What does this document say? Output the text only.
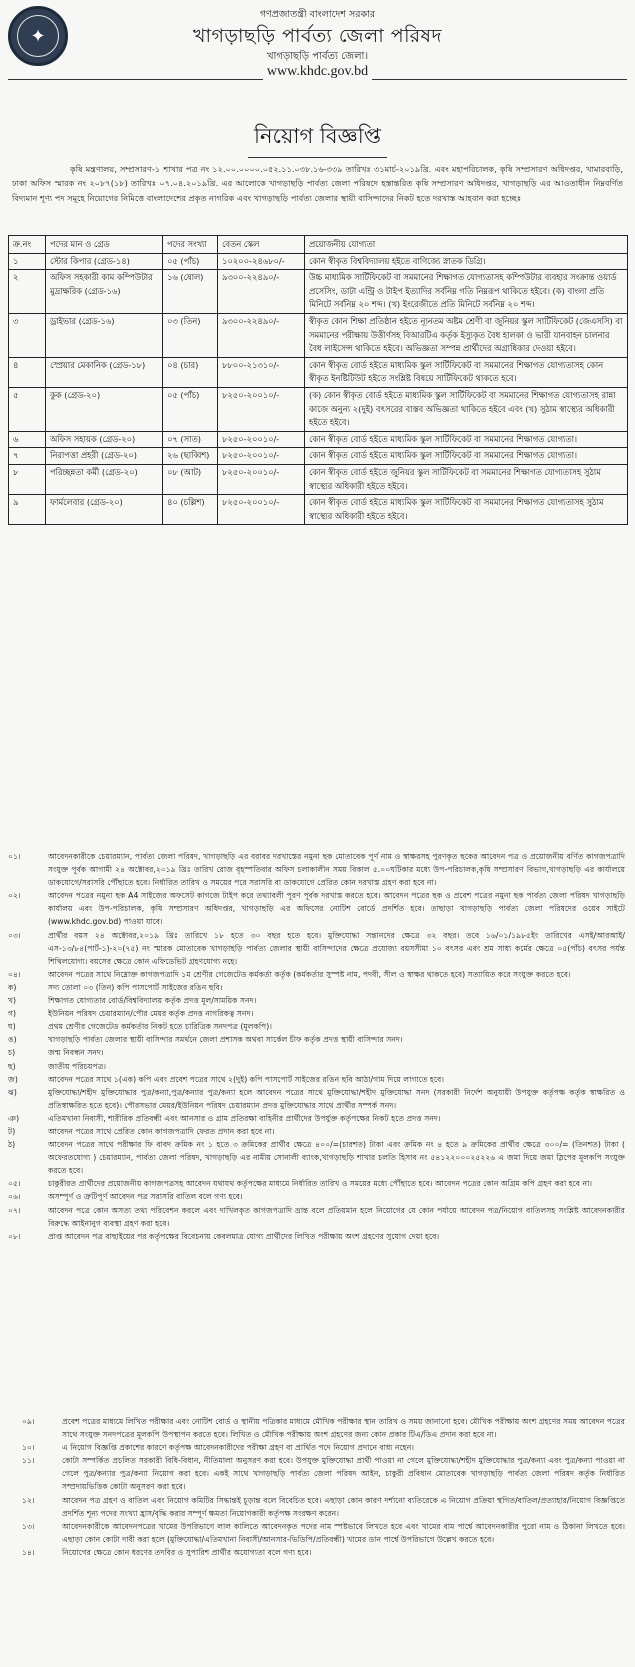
✦
গণপ্রজাতন্ত্রী বাংলাদেশ সরকার
খাগড়াছড়ি পার্বত্য জেলা পরিষদ
খাগড়াছড়ি পার্বত্য জেলা।
www.khdc.gov.bd
নিয়োগ বিজ্ঞপ্তি
কৃষি মন্ত্রণালয়, সম্প্রসারণ-১ শাখার পত্র নং ১২.০০.০০০০.০৫২.১১.০৩৮.১৬-৩৩৯ তারিখঃ ৩১মার্চ-২০১৯খ্রি. এবং মহাপরিচালক, কৃষি সম্প্রসারণ অধিদপ্তর, খামারবাড়ি, ঢাকা অফিস স্মারক নং ২০৮৭(১৮) তারিখঃ ০৭.০৪.২০১৯খ্রি. এর আলোকে খাগড়াছড়ি পার্বত্য জেলা পরিষদে হস্তান্তরিত কৃষি সম্প্রসারণ অধিদপ্তর, খাগড়াছড়ি এর আওতাধীন নিম্নবর্ণিত বিদ্যমান শূণ্য পদ সমূহে নিয়োগের নিমিত্তে বাংলাদেশের প্রকৃত নাগরিক এবং খাগড়াছড়ি পার্বত্য জেলার স্থায়ী বাসিন্দাদের নিকট হতে দরখাস্ত আহবান করা হচ্ছেঃ
ক্র.নং	পদের মান ও গ্রেড	পদের সংখ্যা	বেতন স্কেল	প্রয়োজনীয় যোগ্যতা
১	স্টোর কিপার (গ্রেড-১৪)	০৫ (পাঁচ)	১০২০০-২৪৬৮০/-	কোন স্বীকৃত বিশ্ববিদ্যালয় হইতে বাণিজ্যে স্নাতক ডিগ্রি।
২	অফিস সহকারী কাম কম্পিউটার মুদ্রাক্ষরিক (গ্রেড-১৬)	১৬ (ষোল)	৯৩০০-২২৪৯০/-	উচ্চ মাধ্যমিক সার্টিফিকেট বা সমমানের শিক্ষাগত যোগ্যতাসহ কম্পিউটার ব্যবহার সংক্রান্ত ওয়ার্ড প্রসেসিং, ডাটা এন্ট্রি ও টাইপ ইত্যাদির সর্বনিম্ন গতি নিম্নরূপ থাকিতে হইবে। (ক) বাংলা প্রতি মিনিটে সর্বনিম্ন ২০ শব্দ। (খ) ইংরেজীতে প্রতি মিনিটে সর্বনিম্ন ২০ শব্দ।
৩	ড্রাইভার (গ্রেড-১৬)	০৩ (তিন)	৯৩০০-২২৪৯০/-	স্বীকৃত কোন শিক্ষা প্রতিষ্ঠান হইতে ন্যূনতম অষ্টম শ্রেণী বা জুনিয়র স্কুল সার্টিফিকেট (জেএসসি) বা সমমানের পরীক্ষায় উত্তীর্ণসহ বিআরটিএ কর্তৃক ইস্যুকৃত বৈধ হালকা ও ভারী যানবাহন চালনার বৈধ লাইসেন্স থাকিতে হইবে। অভিজ্ঞতা সম্পন্ন প্রার্থীদের অগ্রাধিকার দেওয়া হইবে।
৪	স্প্রেয়ার মেকানিক (গ্রেড-১৮)	০৪ (চার)	৮৮০০-২১৩১০/-	কোন স্বীকৃত বোর্ড হইতে মাধ্যমিক স্কুল সার্টিফিকেট বা সমমানের শিক্ষাগত যোগ্যতাসহ কোন স্বীকৃত ইনষ্টিটিউট হইতে সংশ্লিষ্ট বিষয়ে সার্টিফিকেট থাকতে হবে।
৫	কুক (গ্রেড-২০)	০৫ (পাঁচ)	৮২৫০-২০০১০/-	(ক) কোন স্বীকৃত বোর্ড হইতে মাধ্যমিক স্কুল সার্টিফিকেট বা সমমানের শিক্ষাগত যোগ্যতাসহ রান্না কাজে অনুন্য ২(দুই) বৎসরের বাস্তব অভিজ্ঞতা থাকিতে হইবে এবং (খ) সুঠাম স্বাস্থ্যের অধিকারী হইতে হইবে।
৬	অফিস সহায়ক (গ্রেড-২০)	০৭ (সাত)	৮২৫০-২০০১০/-	কোন স্বীকৃত বোর্ড হইতে মাধ্যমিক স্কুল সার্টিফিকেট বা সমমানের শিক্ষাগত যোগ্যতা।
৭	নিরাপত্তা প্রহরী (গ্রেড-২০)	২৬ (ছাব্বিশ)	৮২৫০-২০০১০/-	কোন স্বীকৃত বোর্ড হইতে মাধ্যমিক স্কুল সার্টিফিকেট বা সমমানের শিক্ষাগত যোগ্যতা।
৮	পরিচ্ছন্নতা কর্মী (গ্রেড-২০)	০৮ (আট)	৮২৫০-২০০১০/-	কোন স্বীকৃত বোর্ড হইতে জুনিয়র স্কুল সার্টিফিকেট বা সমমানের শিক্ষাগত যোগ্যতাসহ সুঠাম স্বাস্থ্যের অধিকারী হইতে হইবে।
৯	ফার্মলেবার (গ্রেড-২০)	৪০ (চল্লিশ)	৮২৫০-২০০১০/-	কোন স্বীকৃত বোর্ড হইতে মাধ্যমিক স্কুল সার্টিফিকেট বা সমমানের শিক্ষাগত যোগ্যতাসহ সুঠাম স্বাস্থ্যের অধিকারী হইতে হইবে।
০১।	আবেদনকারীকে চেয়ারম্যান, পার্বত্য জেলা পরিষদ, খাগড়াছড়ি এর বরাবর দরখাস্তের নমুনা ছক মোতাবেক পূর্ণ নাম ও স্বাক্ষরসহ পুরণকৃত ছকের আবেদন পত্র ও প্রয়োজনীয় বর্ণিত কাগজপত্রাদি সংযুক্ত পূর্বক আগামী ২৪ অক্টোবর,২০১৯ খ্রিঃ তারিখ রোজ বৃহস্পতিবার অফিস চলাকালীন সময় বিকাল ৫.০০ঘটিকার মধ্যে উপ-পরিচালক,কৃষি সম্প্রসারণ বিভাগ,খাগড়াছড়ি এর কার্যালয়ে ডাকযোগে/সরাসরি পৌঁছাতে হবে। নির্ধারিত তারিখ ও সময়ের পরে সরাসরি বা ডাকযোগে প্রেরিত কোন দরখাস্ত গ্রহণ করা হবে না।
০২।	আবেদন পত্রের নমুনা ছক A4 সাইজের অফসেট কাগজে টাইপ করে তথ্যাবলী পূরণ পূর্বক দরখাস্ত করতে হবে। আবেদন পত্রের ছক ও প্রবেশ পত্রের নমুনা ছক পার্বত্য জেলা পরিষদ খাগড়াছড়ি কার্যালয় এবং উপ-পরিচালক, কৃষি সম্প্রসারণ অধিদপ্তর, খাগড়াছড়ি এর অফিসের নোটিশ বোর্ডে প্রদর্শিত হবে। তাছাড়া খাগড়াছড়ি পার্বত্য জেলা পরিষদের ওয়েব সাইটে (www.khdc.gov.bd) পাওয়া যাবে।
০৩।	প্রার্থীর বয়স ২৪ অক্টোবর,২০১৯ খ্রিঃ তারিখে ১৮ হতে ৩০ বছর হতে হবে। মুক্তিযোদ্ধা সন্তানদের ক্ষেত্রে ৩২ বছর। তবে ১৬/০১/১৯৮৫ইং তারিখের এসই/আরআই/এস-১৩/৮৪(পার্ট-১)-২০(৭৫) নং স্মারক মোতাবেক খাগড়াছড়ি পার্বত্য জেলার স্থায়ী বাসিন্দাদের ক্ষেত্রে প্রযোজ্য বয়সসীমা ১০ বৎসর এবং শ্রম সাধ্য কর্মের ক্ষেত্রে ০৫(পাঁচ) বৎসর পর্যন্ত শিথিলযোগ্য। বয়সের ক্ষেত্রে কোন এফিডেভিট গ্রহণযোগ্য নহে।
০৪।	আবেদন পত্রের সাথে নিম্নোক্ত কাগজপত্রাদি ১ম শ্রেণীর গেজেটেড কর্মকর্তা কর্তৃক (কর্মকর্তার সুস্পষ্ট নাম, পদবী, সীল ও স্বাক্ষর থাকতে হবে) সত্যায়িত করে সংযুক্ত করতে হবে।
ক)	সদ্য তোলা ০৩ (তিন) কপি পাসপোর্ট সাইজের রঙিন ছবি।
খ)	শিক্ষাগত যোগ্যতার বোর্ড/বিশ্ববিদ্যালয় কর্তৃক প্রদত্ত মূল/সাময়িক সনদ।
গ)	ইউনিয়ন পরিষদ চেয়ারম্যান/পৌর মেয়র কর্তৃক প্রদত্ত নাগরিকত্ব সনদ।
ঘ)	প্রথম শ্রেণীর গেজেটেড কর্মকর্তার নিকট হতে চারিত্রিক সনদপত্র (মূলকপি)।
ঙ)	খাগড়াছড়ি পার্বত্য জেলার স্থায়ী বাসিন্দার সমর্থনে জেলা প্রশাসক অথবা সার্কেল চীফ কর্তৃক প্রদত্ত স্থায়ী বাসিন্দার সনদ।
চ)	জন্ম নিবন্ধন সনদ।
ছ)	জাতীয় পরিচয়পত্র।
জ)	আবেদন পত্রের সাথে ১(এক) কপি এবং প্রবেশ পত্রের সাথে ২(দুই) কপি পাসপোর্ট সাইজের রঙিন ছবি আঠা/গাম দিয়ে লাগাতে হবে।
ঝ)	মুক্তিযোদ্ধা/শহীদ মুক্তিযোদ্ধার পুত্র/কন্যা,পুত্র/কন্যার পুত্র/কন্যা হলে আবেদন পত্রের সাথে মুক্তিযোদ্ধা/শহীদ মুক্তিযোদ্ধা সনদ (সরকারী নির্দেশ অনুযায়ী উপযুক্ত কর্তৃপক্ষ কর্তৃক স্বাক্ষরিত ও প্রতিস্বাক্ষরিত হতে হবে)। পৌরসভার মেয়র/ইউনিয়ন পরিষদ চেয়ারম্যান প্রদত্ত মুক্তিযোদ্ধার সাথে প্রার্থীর সম্পর্ক সনদ।
ঞ)	এতিমখানা নিবাসী, শারীরিক প্রতিবন্ধী এবং আনসার ও গ্রাম প্রতিরক্ষা বাহিনীর প্রার্থীদের উপর্যুক্ত কর্তৃপক্ষের নিকট হতে প্রদত্ত সনদ।
ট)	আবেদন পত্রের সাথে প্রেরিত কোন কাগজপত্রাদি ফেরত প্রদান করা হবে না।
ঠ)	আবেদন পত্রের সাথে পরীক্ষার ফি বাবদ ক্রমিক নং ১ হতে ৩ ক্রমিকের প্রার্থীর ক্ষেত্রে ৪০০/=(চারশত) টাকা এবং ক্রমিক নং ৪ হতে ৯ ক্রমিকের প্রার্থীর ক্ষেত্রে ৩০০/= (তিনশত) টাকা ( অফেরতযোগ্য ) চেয়ারম্যান, পার্বত্য জেলা পরিষদ, খাগড়াছড়ি এর নামীয় সোনালী ব্যাংক,খাগড়াছড়ি শাখার চলতি হিসাব নং ৫৪১২২০০০২৫২২৬ এ জমা দিয়ে জমা স্লিপের মূলকপি সংযুক্ত করতে হবে।
০৫।	চাকুরীরত প্রার্থীদের প্রয়োজনীয় কাগজপত্রসহ আবেদন যথাযথ কর্তৃপক্ষের মাধ্যমে নির্ধারিত তারিখ ও সময়ের মধ্যে পৌঁছাতে হবে। আবেদন পত্রের কোন অগ্রিম কপি গ্রহণ করা হবে না।
০৬।	অসম্পূর্ণ ও ত্রুটিপূর্ণ আবেদন পত্র সরাসরি বাতিল বলে গণ্য হবে।
০৭।	আবেদন পত্রে কোন অসত্য তথ্য পরিবেশন করলে এবং দাখিলকৃত কাগজপত্রাদি ভ্রান্ত বলে প্রতিয়মান হলে নিয়োগের যে কোন পর্যায়ে আবেদন পত্র/নিয়োগ বাতিলসহ সংশ্লিষ্ট আবেদনকারীর বিরুদ্ধে আইনানুগ ব্যবস্থা গ্রহণ করা হবে।
০৮।	প্রাপ্ত আবেদন পত্র বাছাইয়ের পর কর্তৃপক্ষের বিবেচনায় কেবলমাত্র যোগ্য প্রার্থীদের লিখিত পরীক্ষায় অংশ গ্রহণের সুযোগ দেয়া হবে।
০৯।	প্রবেশ পত্রের মাধ্যমে লিখিত পরীক্ষার এবং নোটিশ বোর্ড ও স্থানীয় পত্রিকার মাধ্যমে মৌখিক পরীক্ষার স্থান তারিখ ও সময় জানানো হবে। মৌখিক পরীক্ষায় অংশ গ্রহণের সময় আবেদন পত্রের সাথে সংযুক্ত সনদপত্রের মূলকপি উপস্থাপন করতে হবে। লিখিত ও মৌখিক পরীক্ষায় অংশ গ্রহণের জন্য কোন প্রকার টিএ/ডিএ প্রদান করা হবে না।
১০।	এ নিয়োগ বিজ্ঞপ্তি প্রকাশের কারণে কর্তৃপক্ষ আবেদনকারীদের পরীক্ষা গ্রহণ বা প্রার্থিত পদে নিয়োগ প্রদানে বাধ্য নহেন।
১১।	কোটা সম্পর্কিত প্রচলিত সরকারী বিধি-বিধান, নীতিমালা অনুসরণ করা হবে। উপযুক্ত মুক্তিযোদ্ধা প্রার্থী পাওয়া না গেলে মুক্তিযোদ্ধা/শহীদ মুক্তিযোদ্ধার পুত্র/কন্যা এবং পুত্র/কন্যা পাওয়া না গেলে পুত্র/কন্যার পুত্র/কন্যা নিয়োগ করা হবে। একই সাথে খাগড়াছড়ি পার্বত্য জেলা পরিষদ আইন, চাকুরী প্রবিধান মোতাবেক খাগড়াছড়ি পার্বত্য জেলা পরিষদ কর্তৃক নির্ধারিত সম্প্রদায়ভিত্তিক কোটা অনুসরণ করা হবে।
১২।	আবেদন পত্র গ্রহণ ও বাতিল এবং নিয়োগ কমিটির সিদ্ধান্তই চূড়ান্ত বলে বিবেচিত হবে। এছাড়া কোন কারণ দর্শানো ব্যতিরেকে এ নিয়োগ প্রক্রিয়া স্থগিত/বাতিল/প্রত্যাহার/নিয়োগ বিজ্ঞপ্তিতে প্রদর্শিত শূন্য পদের সংখ্যা হ্রাস/বৃদ্ধি করার সম্পূর্ণ ক্ষমতা নিয়োগকারী কর্তৃপক্ষ সংরক্ষণ করেন।
১৩।	আবেদনকারীকে আবেদনপত্রের খামের উপরিভাগে লাল কালিতে আবেদনকৃত পদের নাম স্পষ্টভাবে লিখতে হবে এবং খামের বাম পার্শ্বে আবেদনকারীর পুরো নাম ও ঠিকানা লিখতে হবে। এছাড়া কোন কোটা দাবী করা হলে (মুক্তিযোদ্ধা/এতিমখানা নিবাসী/আনসার-ভিডিপি/প্রতিবন্ধী) খামের ডান পার্শ্বে উপরিভাগে উল্লেখ করতে হবে।
১৪।	নিয়োগের ক্ষেত্রে কোন ধরণের তদবির ও সুপারিশ প্রার্থীর অযোগ্যতা বলে গণ্য হবে।
